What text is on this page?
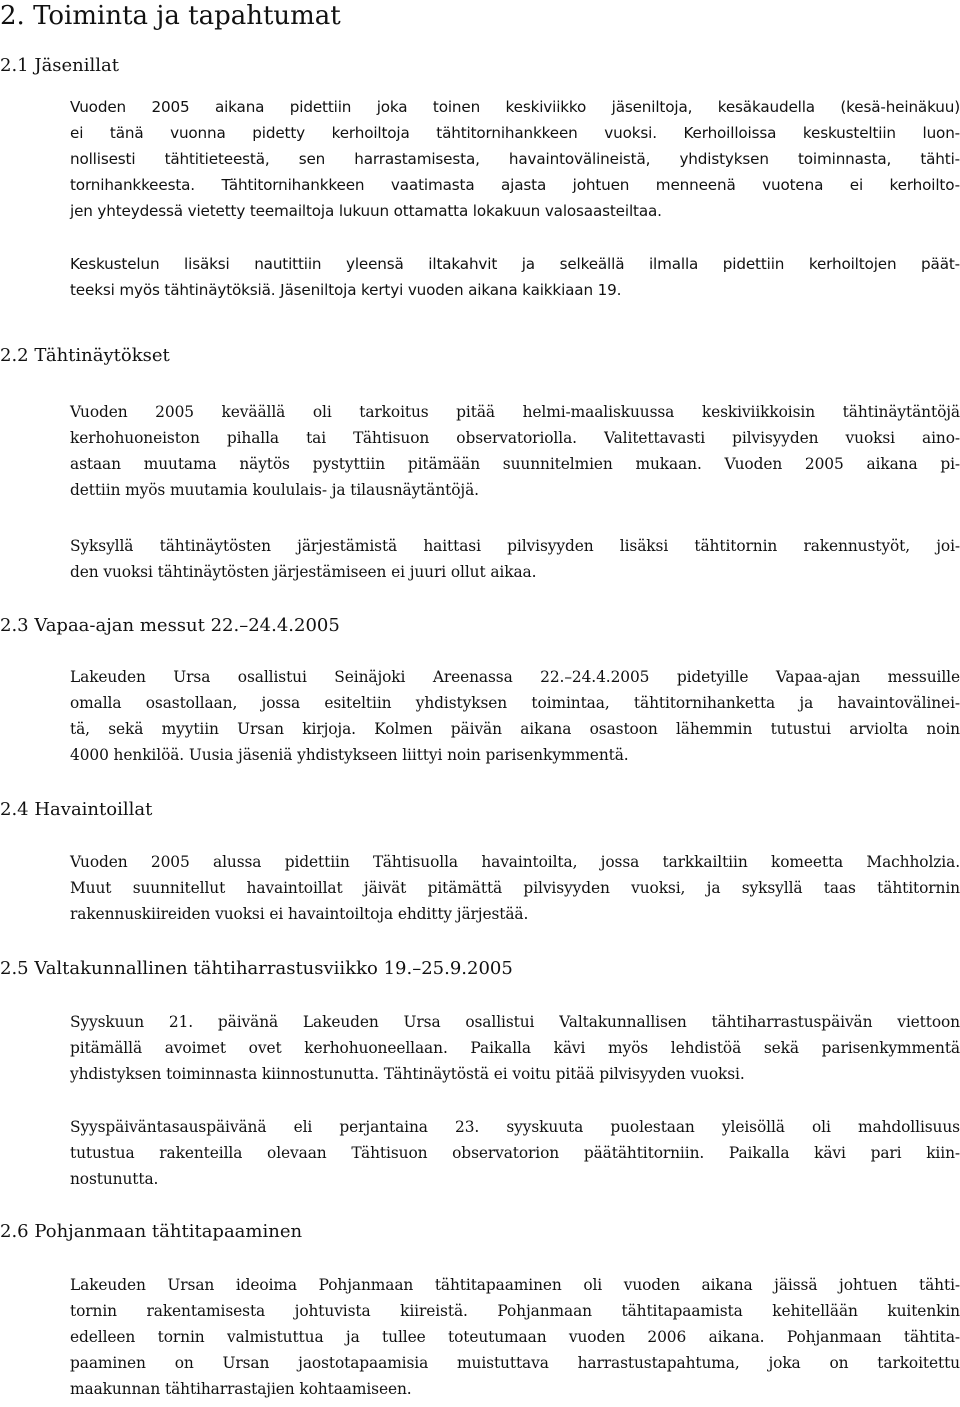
2. Toiminta ja tapahtumat
2.1 Jäsenillat
Vuoden 2005 aikana pidettiin joka toinen keskiviikko jäseniltoja, kesäkaudella (kesä-heinäkuu)
ei tänä vuonna pidetty kerhoiltoja tähtitornihankkeen vuoksi. Kerhoilloissa keskusteltiin luon-
nollisesti tähtitieteestä, sen harrastamisesta, havaintovälineistä, yhdistyksen toiminnasta, tähti-
tornihankkeesta. Tähtitornihankkeen vaatimasta ajasta johtuen menneenä vuotena ei kerhoilto-
jen yhteydessä vietetty teemailtoja lukuun ottamatta lokakuun valosaasteiltaa.
Keskustelun lisäksi nautittiin yleensä iltakahvit ja selkeällä ilmalla pidettiin kerhoiltojen päät-
teeksi myös tähtinäytöksiä. Jäseniltoja kertyi vuoden aikana kaikkiaan 19.
2.2 Tähtinäytökset
Vuoden 2005 keväällä oli tarkoitus pitää helmi-maaliskuussa keskiviikkoisin tähtinäytäntöjä
kerhohuoneiston pihalla tai Tähtisuon observatoriolla. Valitettavasti pilvisyyden vuoksi aino-
astaan muutama näytös pystyttiin pitämään suunnitelmien mukaan. Vuoden 2005 aikana pi-
dettiin myös muutamia koululais- ja tilausnäytäntöjä.
Syksyllä tähtinäytösten järjestämistä haittasi pilvisyyden lisäksi tähtitornin rakennustyöt, joi-
den vuoksi tähtinäytösten järjestämiseen ei juuri ollut aikaa.
2.3 Vapaa-ajan messut 22.–24.4.2005
Lakeuden Ursa osallistui Seinäjoki Areenassa 22.–24.4.2005 pidetyille Vapaa-ajan messuille
omalla osastollaan, jossa esiteltiin yhdistyksen toimintaa, tähtitornihanketta ja havaintovälinei-
tä, sekä myytiin Ursan kirjoja. Kolmen päivän aikana osastoon lähemmin tutustui arviolta noin
4000 henkilöä. Uusia jäseniä yhdistykseen liittyi noin parisenkymmentä.
2.4 Havaintoillat
Vuoden 2005 alussa pidettiin Tähtisuolla havaintoilta, jossa tarkkailtiin komeetta Machholzia.
Muut suunnitellut havaintoillat jäivät pitämättä pilvisyyden vuoksi, ja syksyllä taas tähtitornin
rakennuskiireiden vuoksi ei havaintoiltoja ehditty järjestää.
2.5 Valtakunnallinen tähtiharrastusviikko 19.–25.9.2005
Syyskuun 21. päivänä Lakeuden Ursa osallistui Valtakunnallisen tähtiharrastuspäivän viettoon
pitämällä avoimet ovet kerhohuoneellaan. Paikalla kävi myös lehdistöä sekä parisenkymmentä
yhdistyksen toiminnasta kiinnostunutta. Tähtinäytöstä ei voitu pitää pilvisyyden vuoksi.
Syyspäiväntasauspäivänä eli perjantaina 23. syyskuuta puolestaan yleisöllä oli mahdollisuus
tutustua rakenteilla olevaan Tähtisuon observatorion päätähtitorniin. Paikalla kävi pari kiin-
nostunutta.
2.6 Pohjanmaan tähtitapaaminen
Lakeuden Ursan ideoima Pohjanmaan tähtitapaaminen oli vuoden aikana jäissä johtuen tähti-
tornin rakentamisesta johtuvista kiireistä. Pohjanmaan tähtitapaamista kehitellään kuitenkin
edelleen tornin valmistuttua ja tullee toteutumaan vuoden 2006 aikana. Pohjanmaan tähtita-
paaminen on Ursan jaostotapaamisia muistuttava harrastustapahtuma, joka on tarkoitettu
maakunnan tähtiharrastajien kohtaamiseen.
